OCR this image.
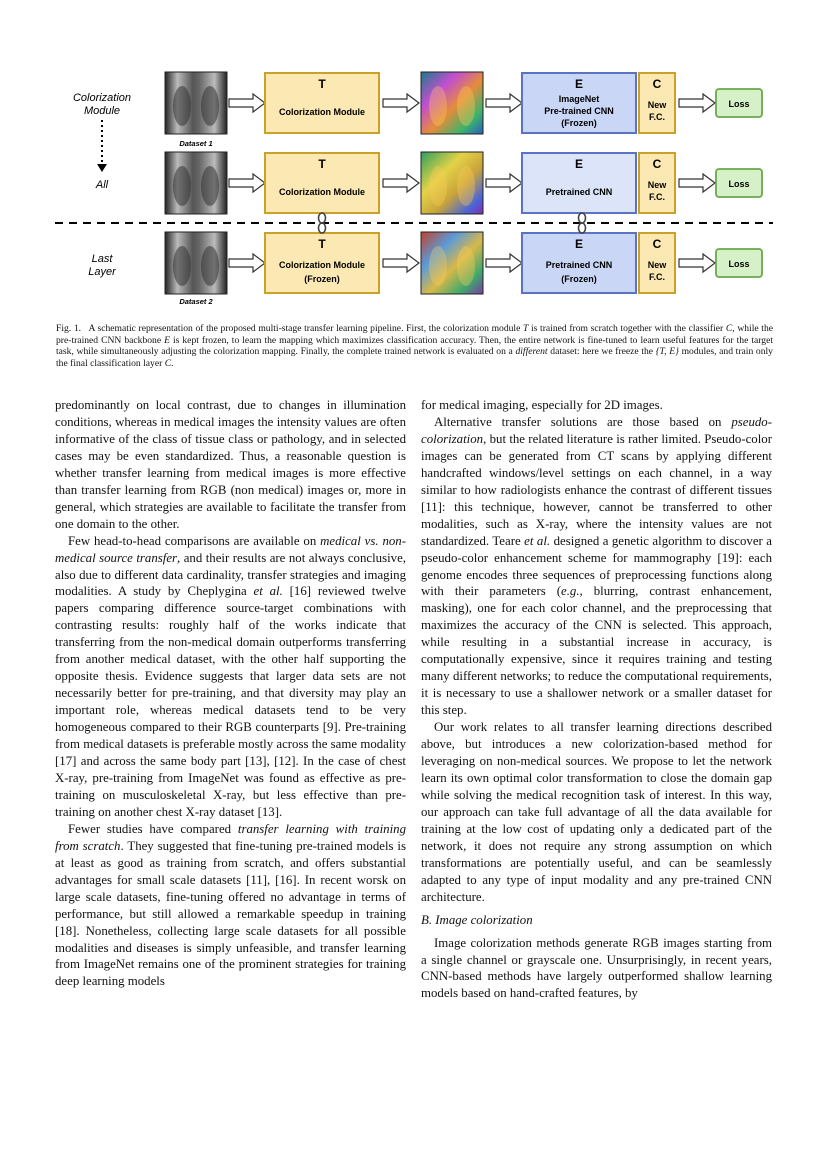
Colorization Module
All
Last Layer
T
Colorization Module
E
ImageNet
Pre-trained CNN
(Frozen)
C
New
F.C.
Loss
T
Colorization Module
E
Pretrained CNN
C
New
F.C.
Loss
T
Colorization Module
(Frozen)
E
Pretrained CNN
(Frozen)
C
New
F.C.
Loss
Dataset 1
Dataset 2
Fig. 1. A schematic representation of the proposed multi-stage transfer learning pipeline. First, the colorization module T is trained from scratch together with the classifier C, while the pre-trained CNN backbone E is kept frozen, to learn the mapping which maximizes classification accuracy. Then, the entire network is fine-tuned to learn useful features for the target task, while simultaneously adjusting the colorization mapping. Finally, the complete trained network is evaluated on a different dataset: here we freeze the {T, E} modules, and train only the final classification layer C.

predominantly on local contrast, due to changes in illumination conditions, whereas in medical images the intensity values are often informative of the class of tissue class or pathology, and in selected cases may be even standardized. Thus, a reasonable question is whether transfer learning from medical images is more effective than transfer learning from RGB (non medical) images or, more in general, which strategies are available to facilitate the transfer from one domain to the other.

Few head-to-head comparisons are available on medical vs. non-medical source transfer, and their results are not always conclusive, also due to different data cardinality, transfer strategies and imaging modalities. A study by Cheplygina et al. [16] reviewed twelve papers comparing difference source-target combinations with contrasting results: roughly half of the works indicate that transferring from the non-medical domain outperforms transferring from another medical dataset, with the other half supporting the opposite thesis. Evidence suggests that larger data sets are not necessarily better for pre-training, and that diversity may play an important role, whereas medical datasets tend to be very homogeneous compared to their RGB counterparts [9]. Pre-training from medical datasets is preferable mostly across the same modality [17] and across the same body part [13], [12]. In the case of chest X-ray, pre-training from ImageNet was found as effective as pre-training on musculoskeletal X-ray, but less effective than pre-training on another chest X-ray dataset [13].

Fewer studies have compared transfer learning with training from scratch. They suggested that fine-tuning pre-trained models is at least as good as training from scratch, and offers substantial advantages for small scale datasets [11], [16]. In recent worsk on large scale datasets, fine-tuning offered no advantage in terms of performance, but still allowed a remarkable speedup in training [18]. Nonetheless, collecting large scale datasets for all possible modalities and diseases is simply unfeasible, and transfer learning from ImageNet remains one of the prominent strategies for training deep learning models

for medical imaging, especially for 2D images.

Alternative transfer solutions are those based on pseudo-colorization, but the related literature is rather limited. Pseudo-color images can be generated from CT scans by applying different handcrafted windows/level settings on each channel, in a way similar to how radiologists enhance the contrast of different tissues [11]: this technique, however, cannot be transferred to other modalities, such as X-ray, where the intensity values are not standardized. Teare et al. designed a genetic algorithm to discover a pseudo-color enhancement scheme for mammography [19]: each genome encodes three sequences of preprocessing functions along with their parameters (e.g., blurring, contrast enhancement, masking), one for each color channel, and the preprocessing that maximizes the accuracy of the CNN is selected. This approach, while resulting in a substantial increase in accuracy, is computationally expensive, since it requires training and testing many different networks; to reduce the computational requirements, it is necessary to use a shallower network or a smaller dataset for this step.

Our work relates to all transfer learning directions described above, but introduces a new colorization-based method for leveraging on non-medical sources. We propose to let the network learn its own optimal color transformation to close the domain gap while solving the medical recognition task of interest. In this way, our approach can take full advantage of all the data available for training at the low cost of updating only a dedicated part of the network, it does not require any strong assumption on which transformations are potentially useful, and can be seamlessly adapted to any type of input modality and any pre-trained CNN architecture.

B. Image colorization

Image colorization methods generate RGB images starting from a single channel or grayscale one. Unsurprisingly, in recent years, CNN-based methods have largely outperformed shallow learning models based on hand-crafted features, by
